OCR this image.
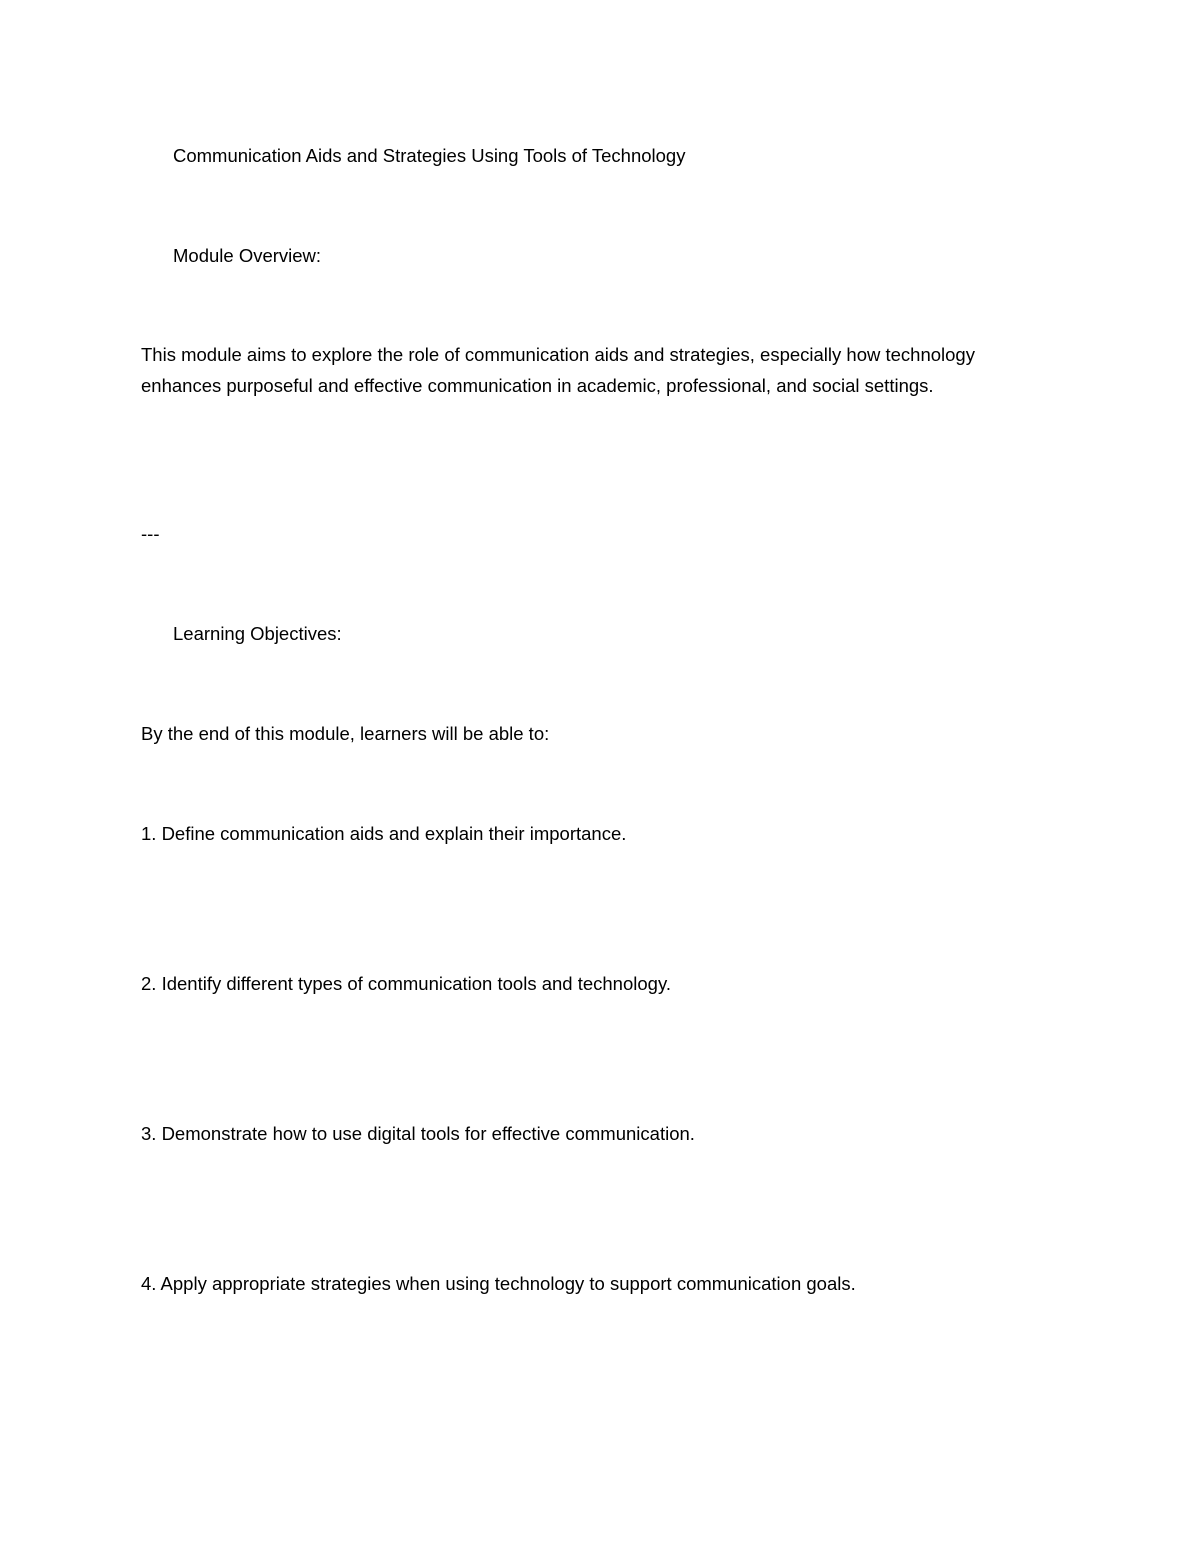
Communication Aids and Strategies Using Tools of Technology

Module Overview:

This module aims to explore the role of communication aids and strategies, especially how technology
enhances purposeful and effective communication in academic, professional, and social settings.

---

Learning Objectives:

By the end of this module, learners will be able to:

1. Define communication aids and explain their importance.

2. Identify different types of communication tools and technology.

3. Demonstrate how to use digital tools for effective communication.

4. Apply appropriate strategies when using technology to support communication goals.
